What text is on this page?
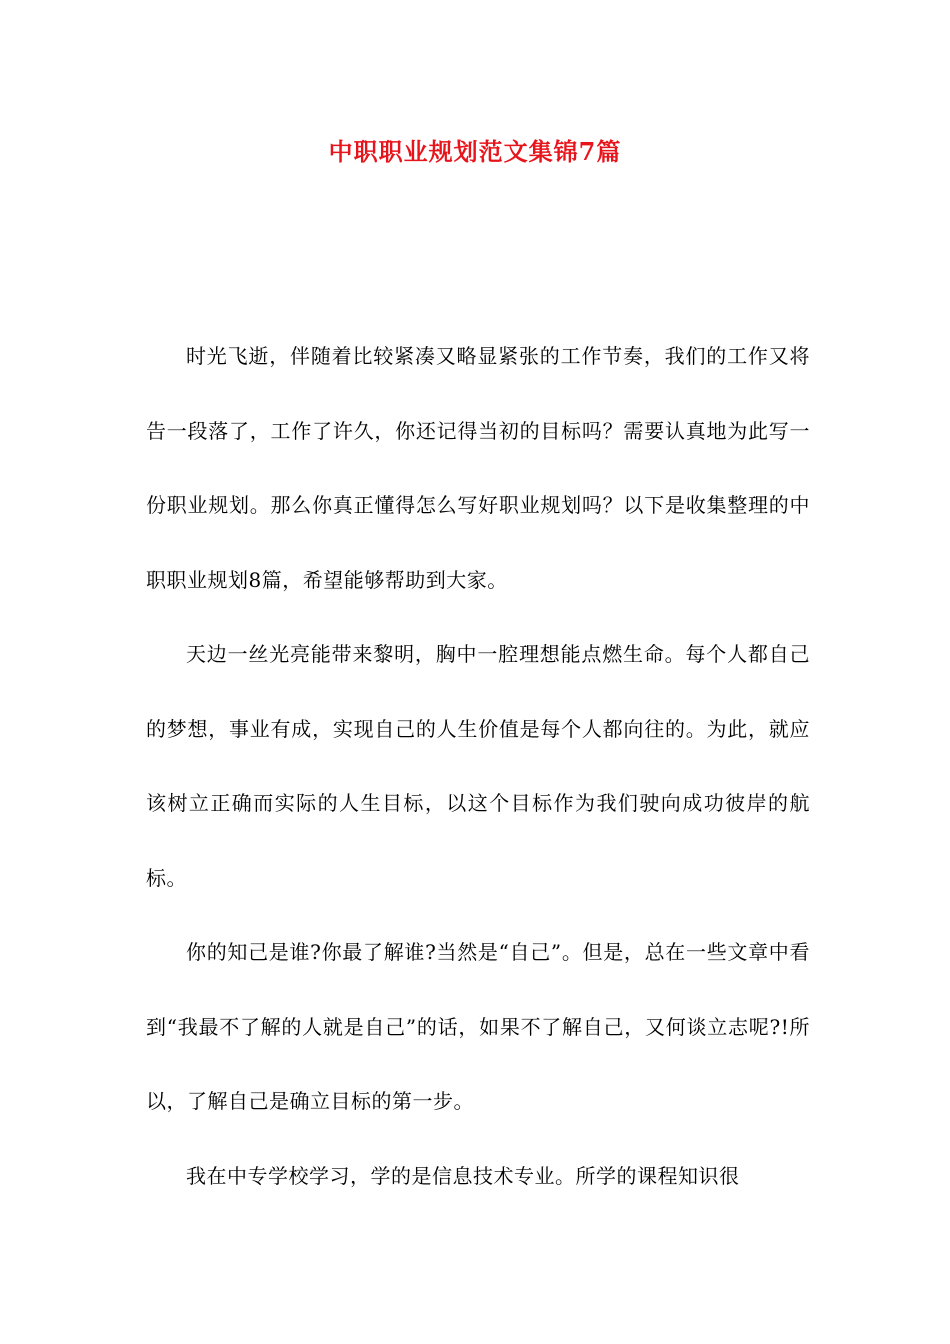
中职职业规划范文集锦7篇

时光飞逝，伴随着比较紧凑又略显紧张的工作节奏，我们的工作又将告一段落了，工作了许久，你还记得当初的目标吗？需要认真地为此写一份职业规划。那么你真正懂得怎么写好职业规划吗？以下是收集整理的中职职业规划8篇，希望能够帮助到大家。

天边一丝光亮能带来黎明，胸中一腔理想能点燃生命。每个人都自己的梦想，事业有成，实现自己的人生价值是每个人都向往的。为此，就应该树立正确而实际的人生目标，以这个目标作为我们驶向成功彼岸的航标。

你的知己是谁?你最了解谁?当然是“自己”。但是，总在一些文章中看到“我最不了解的人就是自己”的话，如果不了解自己，又何谈立志呢?!所以，了解自己是确立目标的第一步。

我在中专学校学习，学的是信息技术专业。所学的课程知识很
